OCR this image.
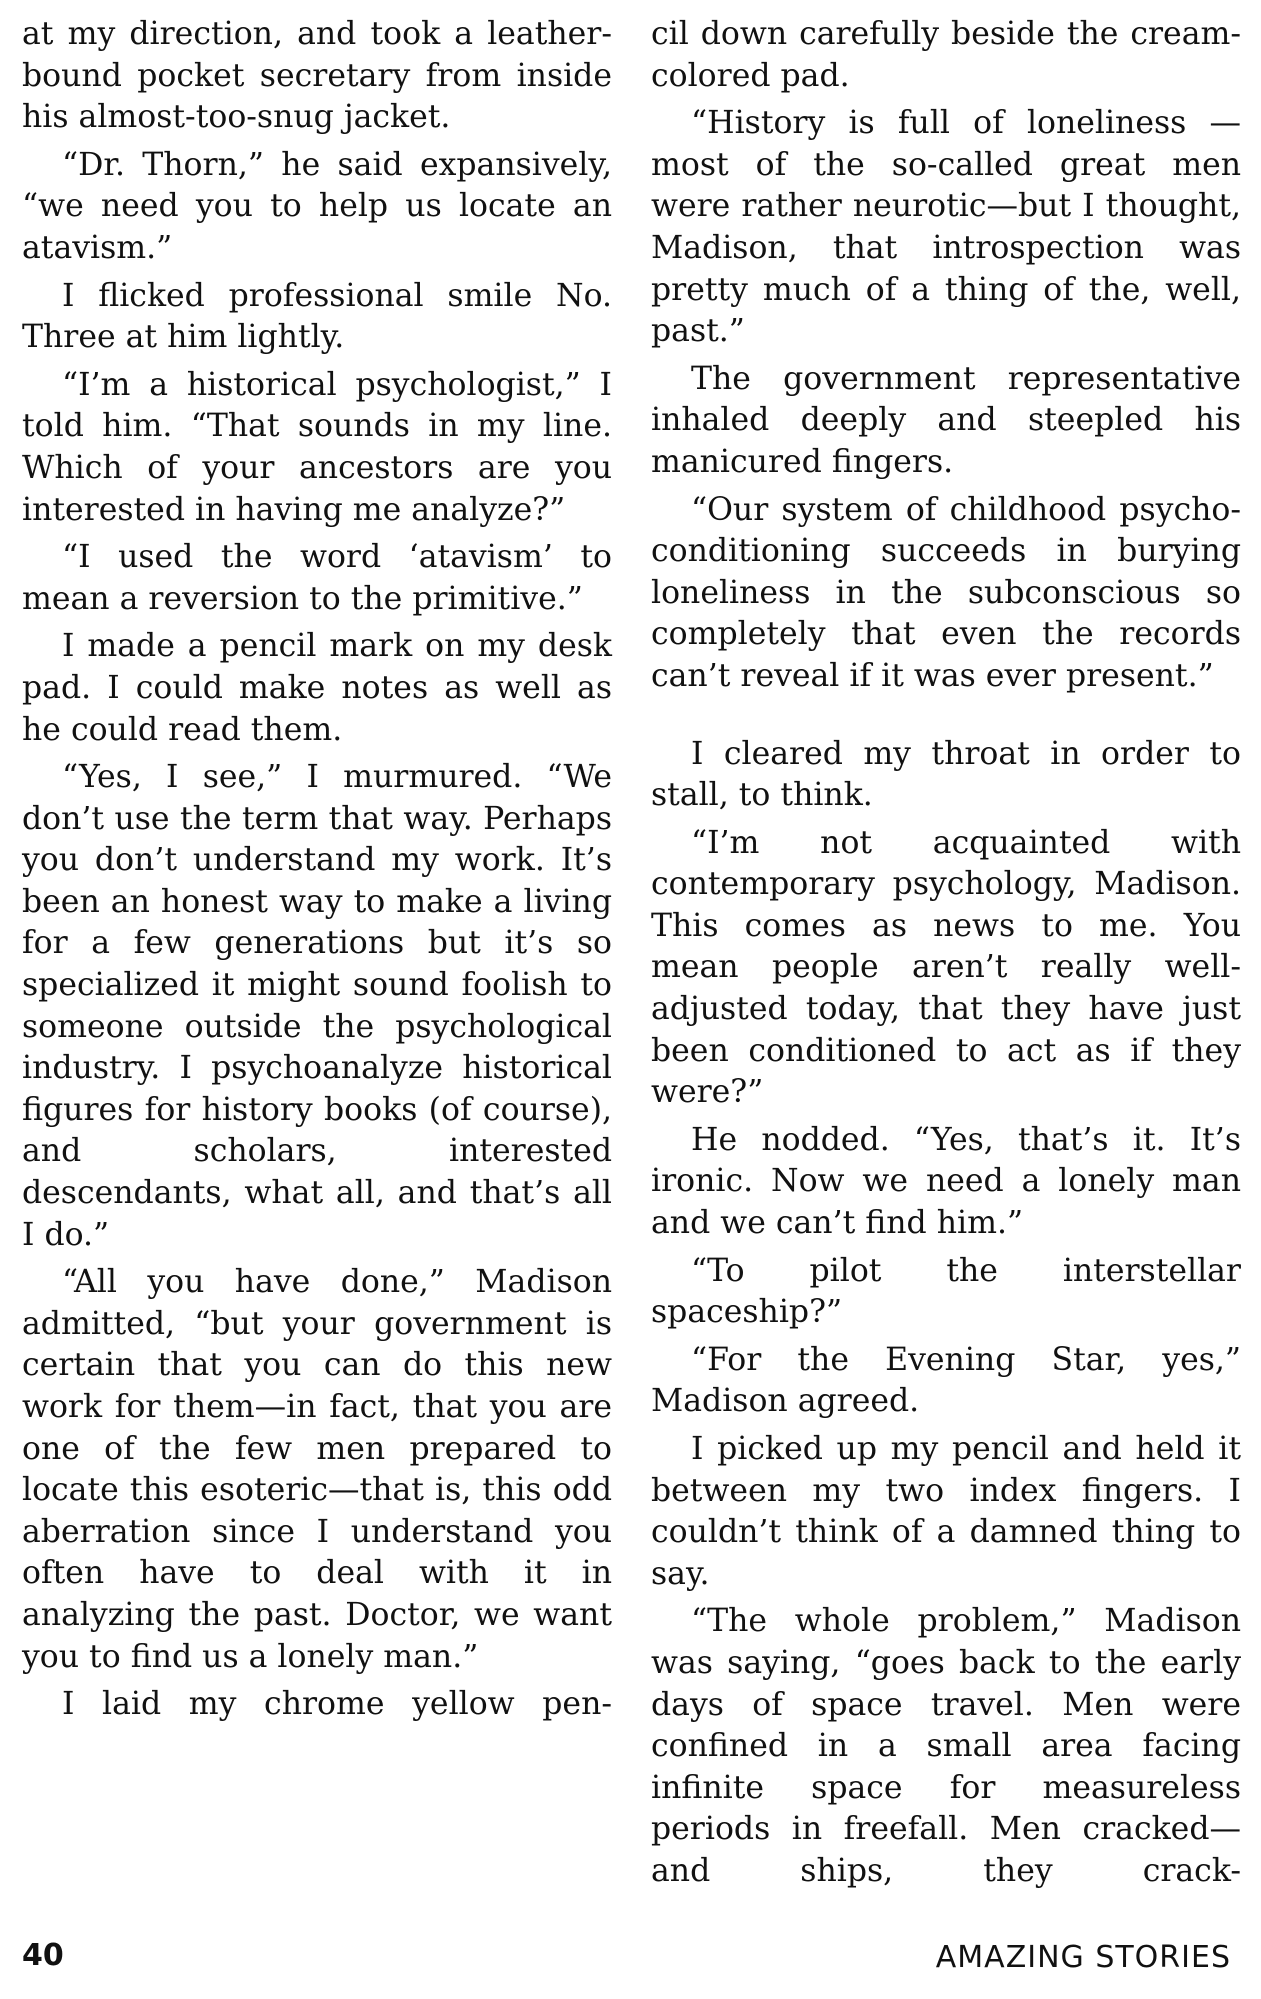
at my direction, and took a leather-bound pocket secretary from inside his almost-too-snug jacket.

“Dr. Thorn,” he said expansively, “we need you to help us locate an atavism.”

I flicked professional smile No. Three at him lightly.

“I’m a historical psychologist,” I told him. “That sounds in my line. Which of your ancestors are you interested in having me analyze?”

“I used the word ‘atavism’ to mean a reversion to the primitive.”

I made a pencil mark on my desk pad. I could make notes as well as he could read them.

“Yes, I see,” I murmured. “We don’t use the term that way. Perhaps you don’t understand my work. It’s been an honest way to make a living for a few generations but it’s so specialized it might sound foolish to someone outside the psychological industry. I psychoanalyze historical figures for history books (of course), and scholars, interested descendants, what all, and that’s all I do.”

“All you have done,” Madison admitted, “but your government is certain that you can do this new work for them—in fact, that you are one of the few men prepared to locate this esoteric—that is, this odd aberration since I understand you often have to deal with it in analyzing the past. Doctor, we want you to find us a lonely man.”

I laid my chrome yellow pen-

cil down carefully beside the cream-colored pad.

“History is full of loneliness —most of the so-called great men were rather neurotic—but I thought, Madison, that introspection was pretty much of a thing of the, well, past.”

The government representative inhaled deeply and steepled his manicured fingers.

“Our system of childhood psycho-conditioning succeeds in burying loneliness in the subconscious so completely that even the records can’t reveal if it was ever present.”

I cleared my throat in order to stall, to think.

“I’m not acquainted with contemporary psychology, Madison. This comes as news to me. You mean people aren’t really well-adjusted today, that they have just been conditioned to act as if they were?”

He nodded. “Yes, that’s it. It’s ironic. Now we need a lonely man and we can’t find him.”

“To pilot the interstellar spaceship?”

“For the Evening Star, yes,” Madison agreed.

I picked up my pencil and held it between my two index fingers. I couldn’t think of a damned thing to say.

“The whole problem,” Madison was saying, “goes back to the early days of space travel. Men were confined in a small area facing infinite space for measureless periods in freefall. Men cracked—and ships, they crack-

40	AMAZING STORIES
